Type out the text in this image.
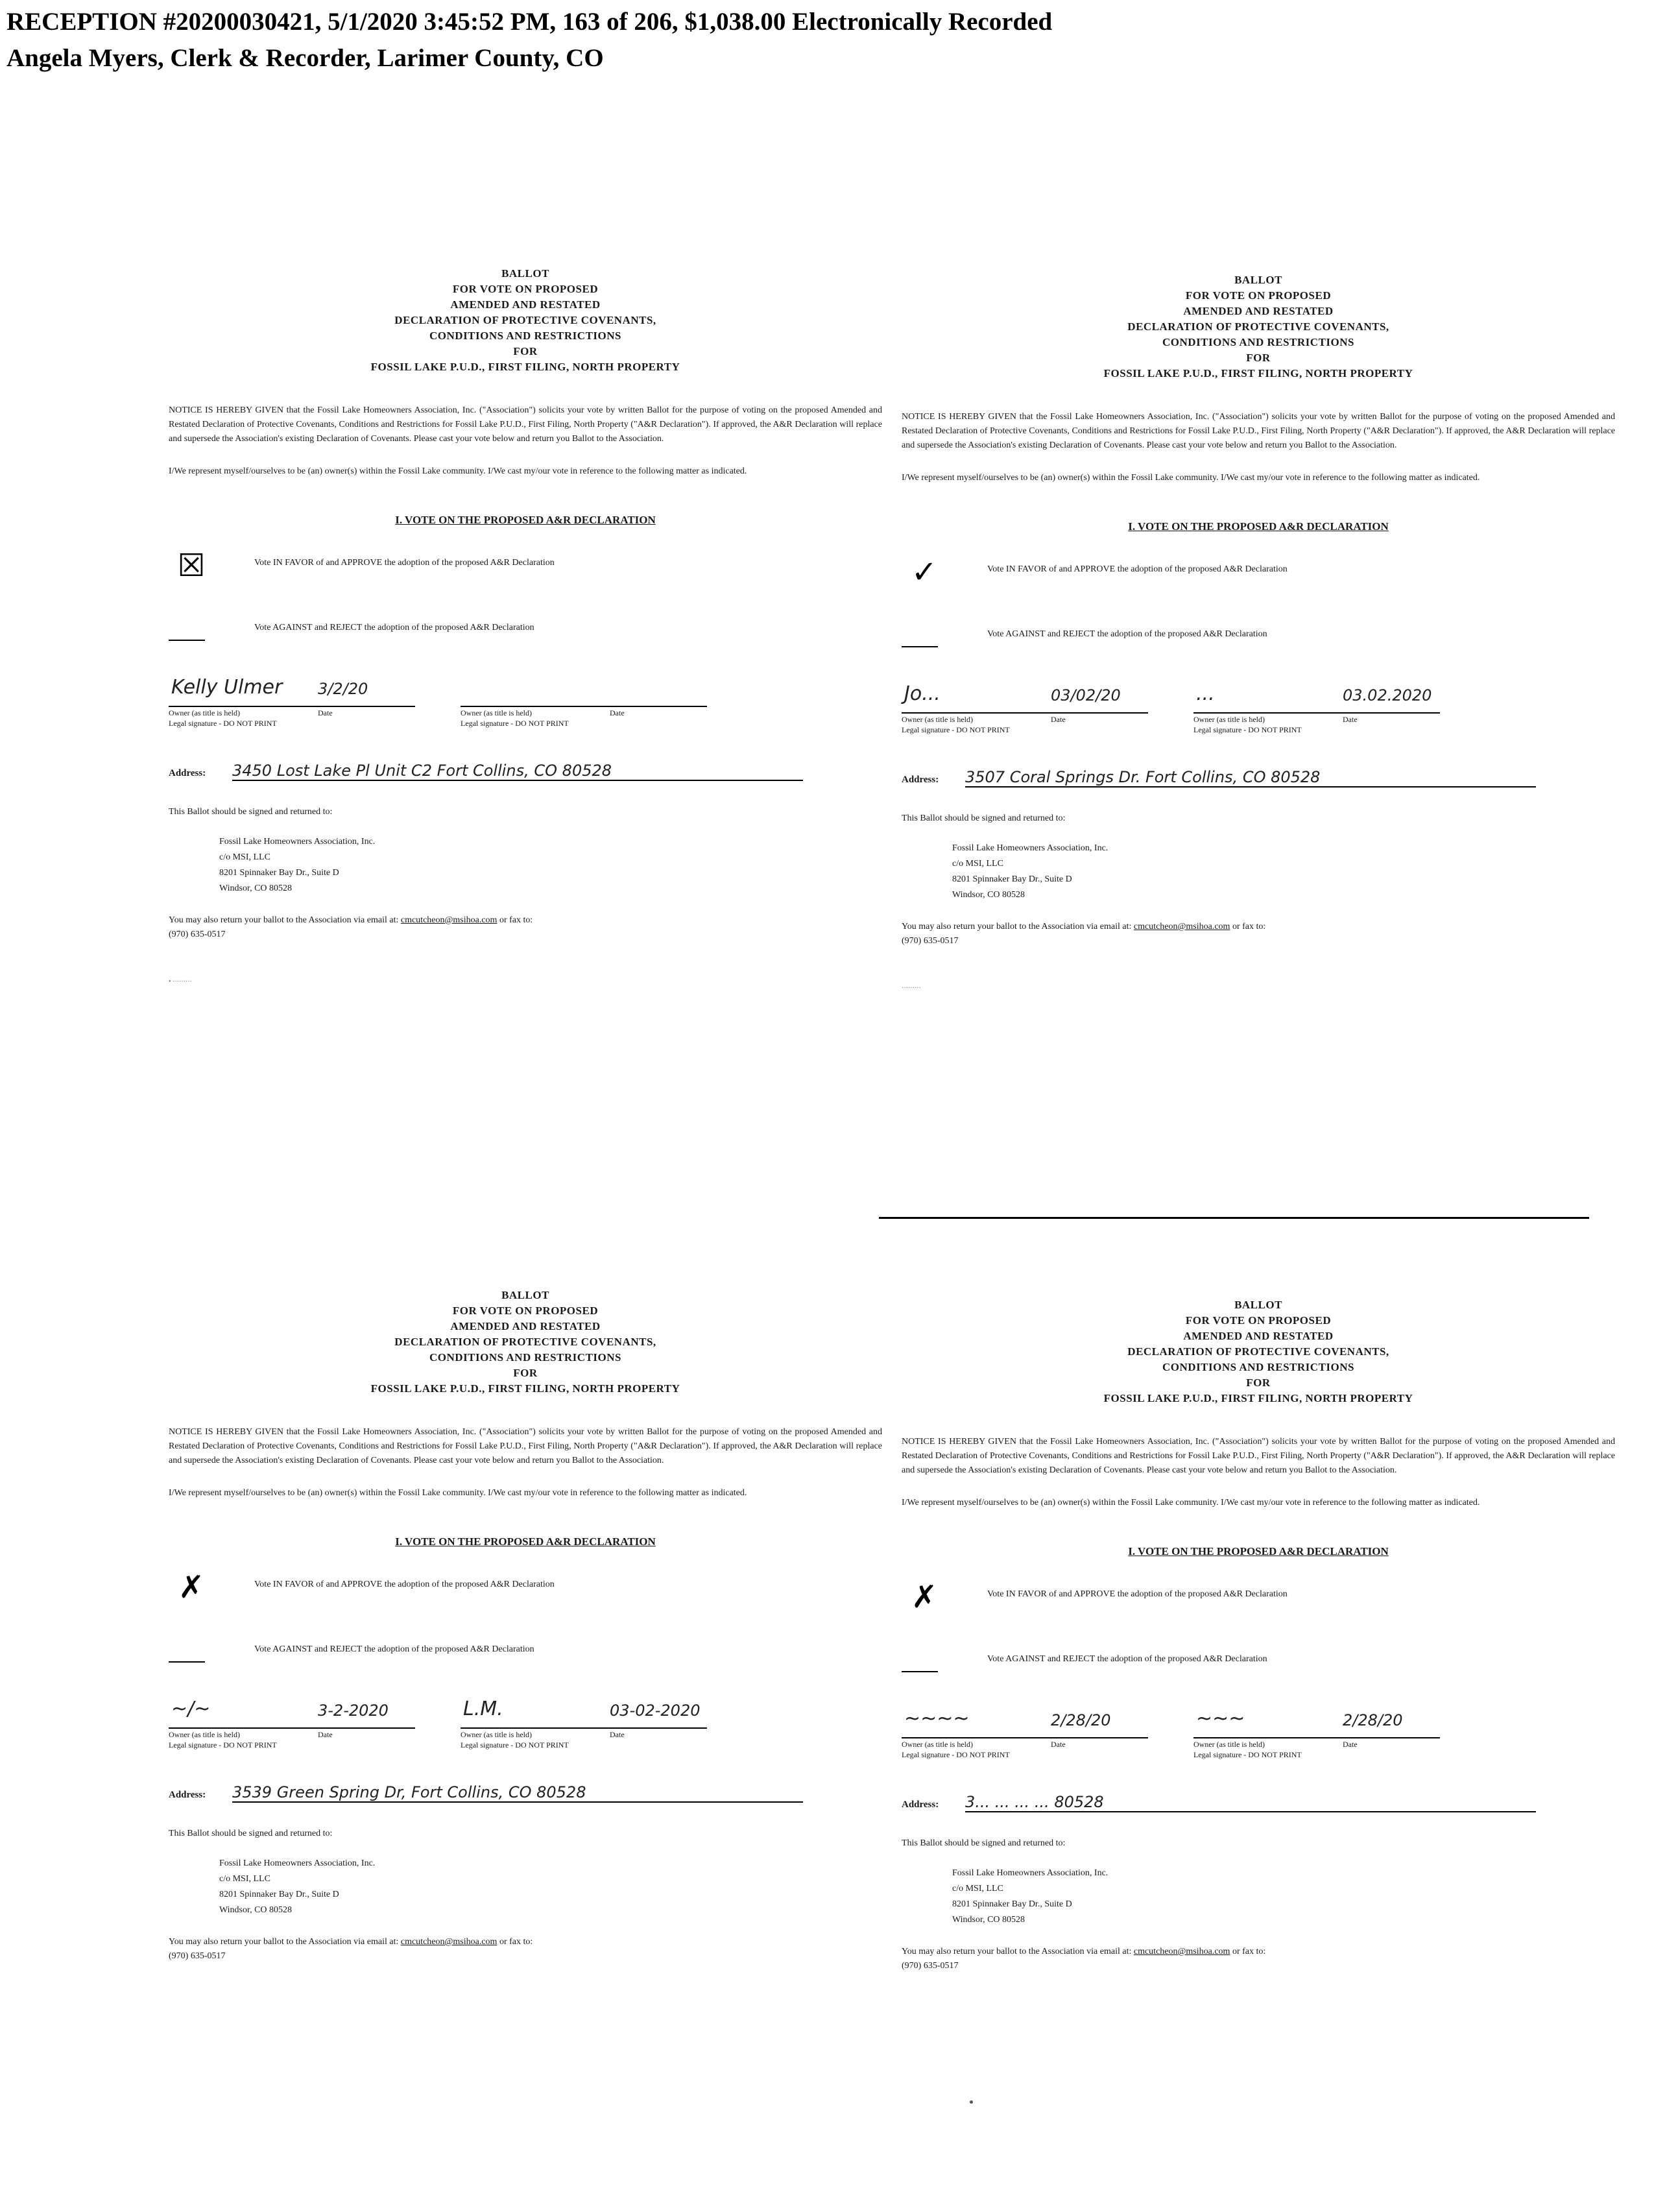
RECEPTION #20200030421, 5/1/2020 3:45:52 PM, 163 of 206, $1,038.00 Electronically Recorded
Angela Myers, Clerk & Recorder, Larimer County, CO
BALLOT
FOR VOTE ON PROPOSED
AMENDED AND RESTATED
DECLARATION OF PROTECTIVE COVENANTS,
CONDITIONS AND RESTRICTIONS
FOR
FOSSIL LAKE P.U.D., FIRST FILING, NORTH PROPERTY
NOTICE IS HEREBY GIVEN that the Fossil Lake Homeowners Association, Inc. ("Association") solicits your vote by written Ballot for the purpose of voting on the proposed Amended and Restated Declaration of Protective Covenants, Conditions and Restrictions for Fossil Lake P.U.D., First Filing, North Property ("A&R Declaration"). If approved, the A&R Declaration will replace and supersede the Association's existing Declaration of Covenants. Please cast your vote below and return you Ballot to the Association.
I/We represent myself/ourselves to be (an) owner(s) within the Fossil Lake community. I/We cast my/our vote in reference to the following matter as indicated.
I. VOTE ON THE PROPOSED A&R DECLARATION
☒	Vote IN FAVOR of and APPROVE the adoption of the proposed A&R Declaration
Vote AGAINST and REJECT the adoption of the proposed A&R Declaration
Kelly Ulmer 3/2/20
Owner (as title is held)	Date
Legal signature - DO NOT PRINT
Owner (as title is held)	Date
Legal signature - DO NOT PRINT
Address: 3450 Lost Lake Pl Unit C2 Fort Collins, CO 80528
This Ballot should be signed and returned to:
Fossil Lake Homeowners Association, Inc.
c/o MSI, LLC
8201 Spinnaker Bay Dr., Suite D
Windsor, CO 80528
You may also return your ballot to the Association via email at: cmcutcheon@msihoa.com or fax to:
(970) 635-0517
• ·········
BALLOT
FOR VOTE ON PROPOSED
AMENDED AND RESTATED
DECLARATION OF PROTECTIVE COVENANTS,
CONDITIONS AND RESTRICTIONS
FOR
FOSSIL LAKE P.U.D., FIRST FILING, NORTH PROPERTY
NOTICE IS HEREBY GIVEN that the Fossil Lake Homeowners Association, Inc. ("Association") solicits your vote by written Ballot for the purpose of voting on the proposed Amended and Restated Declaration of Protective Covenants, Conditions and Restrictions for Fossil Lake P.U.D., First Filing, North Property ("A&R Declaration"). If approved, the A&R Declaration will replace and supersede the Association's existing Declaration of Covenants. Please cast your vote below and return you Ballot to the Association.
I/We represent myself/ourselves to be (an) owner(s) within the Fossil Lake community. I/We cast my/our vote in reference to the following matter as indicated.
I. VOTE ON THE PROPOSED A&R DECLARATION
✓	Vote IN FAVOR of and APPROVE the adoption of the proposed A&R Declaration
Vote AGAINST and REJECT the adoption of the proposed A&R Declaration
Jo...	03/02/20
Owner (as title is held)	Date
Legal signature - DO NOT PRINT
...	03.02.2020
Owner (as title is held)	Date
Legal signature - DO NOT PRINT
Address: 3507 Coral Springs Dr. Fort Collins, CO 80528
This Ballot should be signed and returned to:
Fossil Lake Homeowners Association, Inc.
c/o MSI, LLC
8201 Spinnaker Bay Dr., Suite D
Windsor, CO 80528
You may also return your ballot to the Association via email at: cmcutcheon@msihoa.com or fax to:
(970) 635-0517
·········
BALLOT
FOR VOTE ON PROPOSED
AMENDED AND RESTATED
DECLARATION OF PROTECTIVE COVENANTS,
CONDITIONS AND RESTRICTIONS
FOR
FOSSIL LAKE P.U.D., FIRST FILING, NORTH PROPERTY
NOTICE IS HEREBY GIVEN that the Fossil Lake Homeowners Association, Inc. ("Association") solicits your vote by written Ballot for the purpose of voting on the proposed Amended and Restated Declaration of Protective Covenants, Conditions and Restrictions for Fossil Lake P.U.D., First Filing, North Property ("A&R Declaration"). If approved, the A&R Declaration will replace and supersede the Association's existing Declaration of Covenants. Please cast your vote below and return you Ballot to the Association.
I/We represent myself/ourselves to be (an) owner(s) within the Fossil Lake community. I/We cast my/our vote in reference to the following matter as indicated.
I. VOTE ON THE PROPOSED A&R DECLARATION
✗	Vote IN FAVOR of and APPROVE the adoption of the proposed A&R Declaration
Vote AGAINST and REJECT the adoption of the proposed A&R Declaration
~/~	3-2-2020
Owner (as title is held)	Date
Legal signature - DO NOT PRINT
L.M.	03-02-2020
Owner (as title is held)	Date
Legal signature - DO NOT PRINT
Address: 3539 Green Spring Dr, Fort Collins, CO 80528
This Ballot should be signed and returned to:
Fossil Lake Homeowners Association, Inc.
c/o MSI, LLC
8201 Spinnaker Bay Dr., Suite D
Windsor, CO 80528
You may also return your ballot to the Association via email at: cmcutcheon@msihoa.com or fax to:
(970) 635-0517
BALLOT
FOR VOTE ON PROPOSED
AMENDED AND RESTATED
DECLARATION OF PROTECTIVE COVENANTS,
CONDITIONS AND RESTRICTIONS
FOR
FOSSIL LAKE P.U.D., FIRST FILING, NORTH PROPERTY
NOTICE IS HEREBY GIVEN that the Fossil Lake Homeowners Association, Inc. ("Association") solicits your vote by written Ballot for the purpose of voting on the proposed Amended and Restated Declaration of Protective Covenants, Conditions and Restrictions for Fossil Lake P.U.D., First Filing, North Property ("A&R Declaration"). If approved, the A&R Declaration will replace and supersede the Association's existing Declaration of Covenants. Please cast your vote below and return you Ballot to the Association.
I/We represent myself/ourselves to be (an) owner(s) within the Fossil Lake community. I/We cast my/our vote in reference to the following matter as indicated.
I. VOTE ON THE PROPOSED A&R DECLARATION
✗	Vote IN FAVOR of and APPROVE the adoption of the proposed A&R Declaration
Vote AGAINST and REJECT the adoption of the proposed A&R Declaration
~~~~	2/28/20
Owner (as title is held)	Date
Legal signature - DO NOT PRINT
~~~	2/28/20
Owner (as title is held)	Date
Legal signature - DO NOT PRINT
Address: 3... ... ... ... 80528
This Ballot should be signed and returned to:
Fossil Lake Homeowners Association, Inc.
c/o MSI, LLC
8201 Spinnaker Bay Dr., Suite D
Windsor, CO 80528
You may also return your ballot to the Association via email at: cmcutcheon@msihoa.com or fax to:
(970) 635-0517
